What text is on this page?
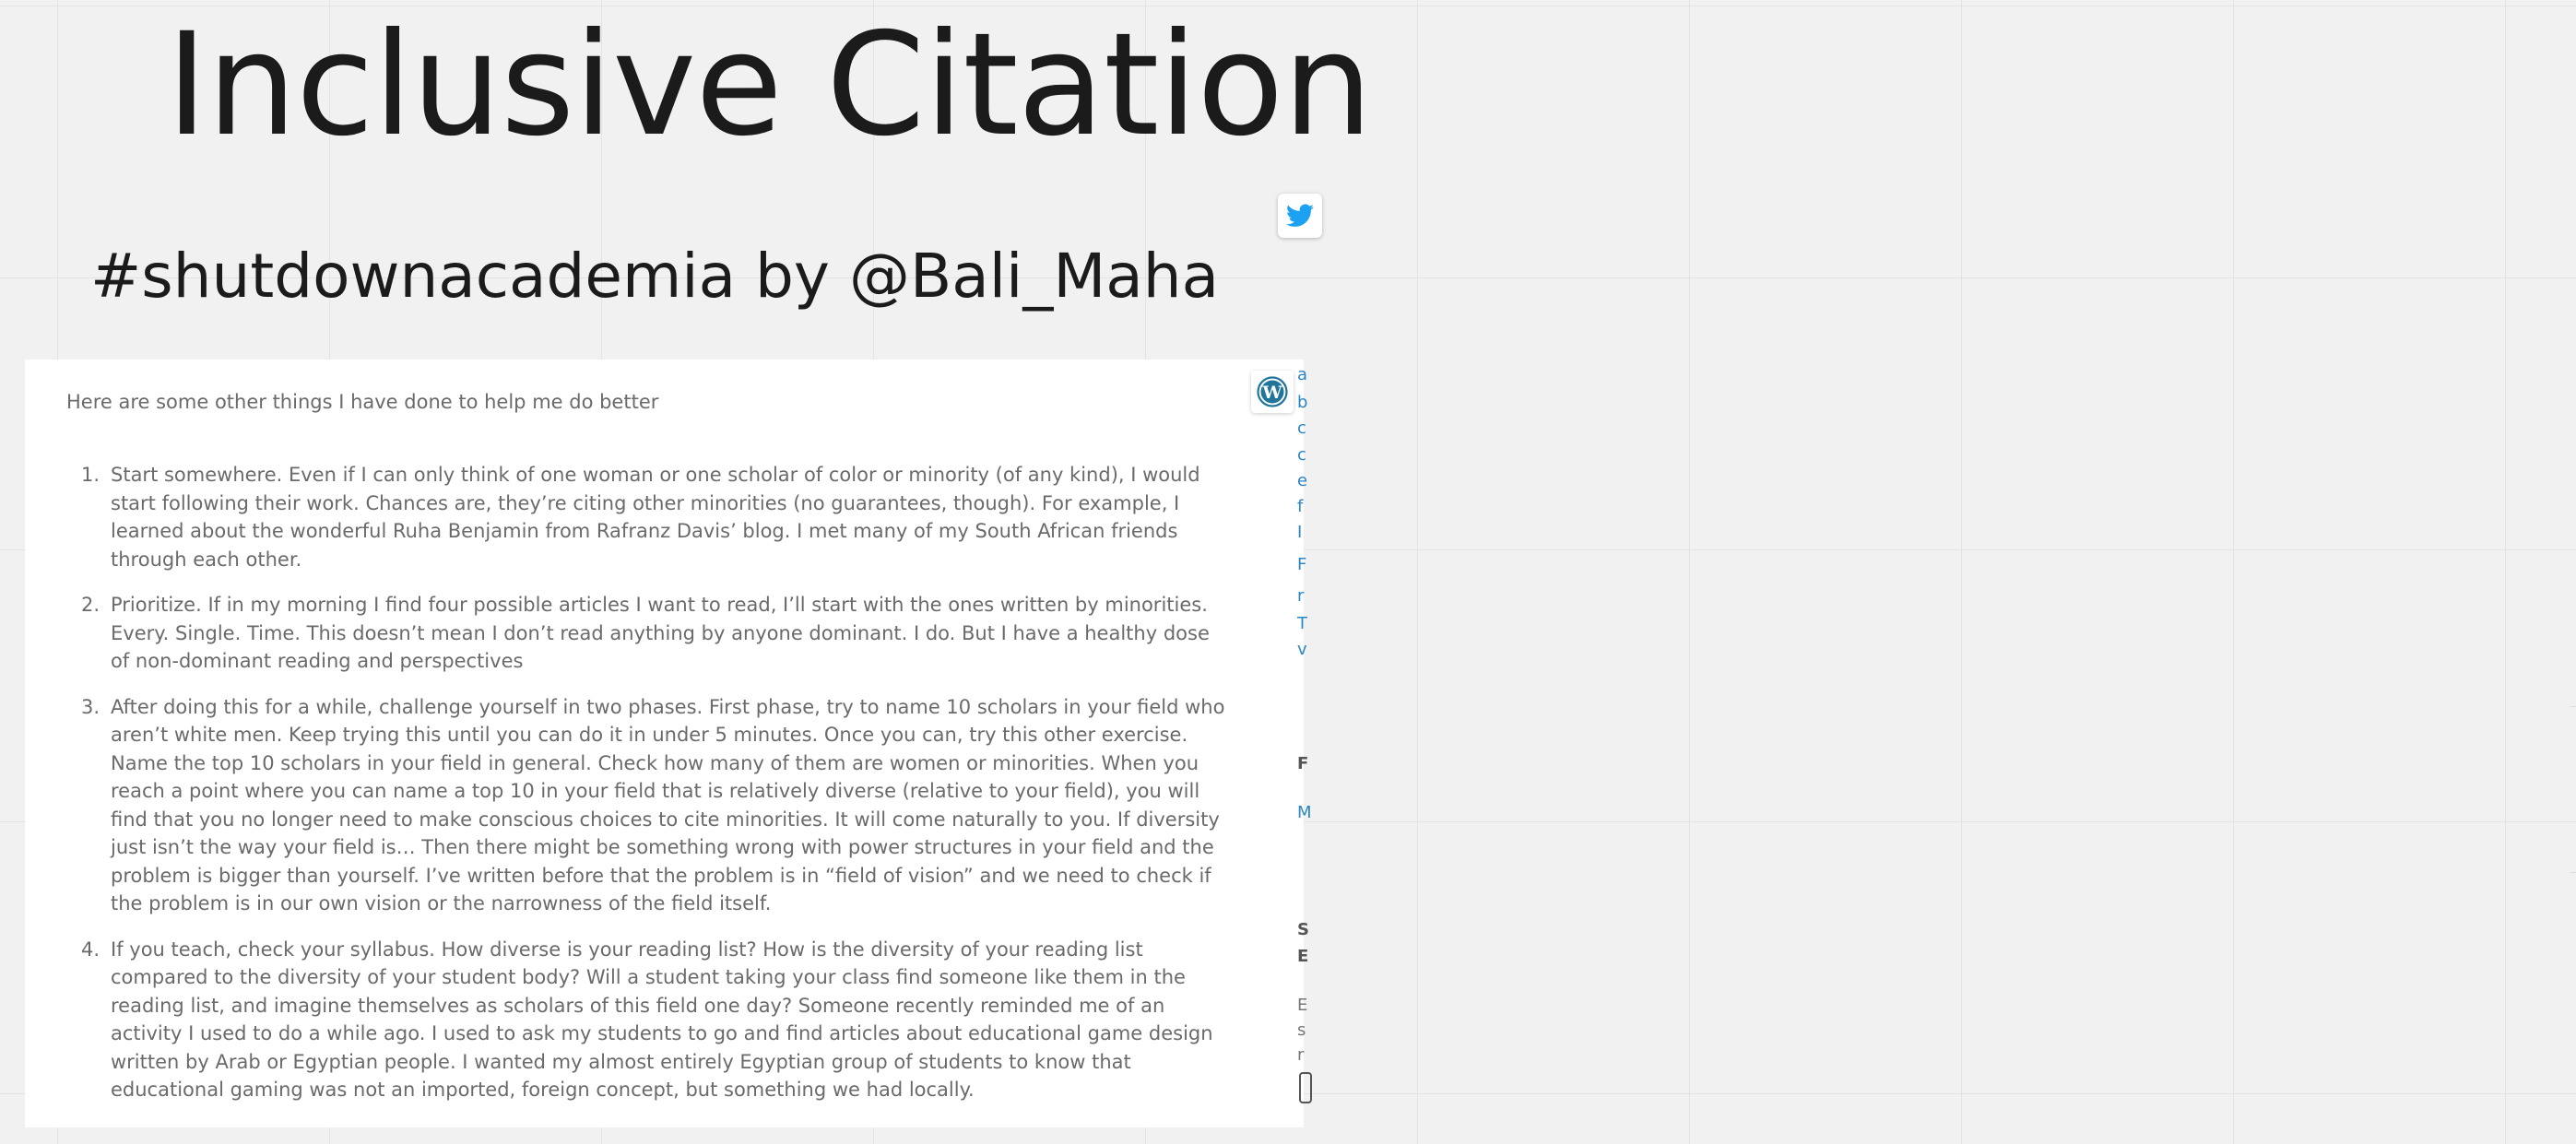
Inclusive Citation
#shutdownacademia by @Bali_Maha
Here are some other things I have done to help me do better
1. Start somewhere. Even if I can only think of one woman or one scholar of color or minority (of any kind), I would start following their work. Chances are, they’re citing other minorities (no guarantees, though). For example, I learned about the wonderful Ruha Benjamin from Rafranz Davis’ blog. I met many of my South African friends through each other.
2. Prioritize. If in my morning I find four possible articles I want to read, I’ll start with the ones written by minorities. Every. Single. Time. This doesn’t mean I don’t read anything by anyone dominant. I do. But I have a healthy dose of non-dominant reading and perspectives
3. After doing this for a while, challenge yourself in two phases. First phase, try to name 10 scholars in your field who aren’t white men. Keep trying this until you can do it in under 5 minutes. Once you can, try this other exercise. Name the top 10 scholars in your field in general. Check how many of them are women or minorities. When you reach a point where you can name a top 10 in your field that is relatively diverse (relative to your field), you will find that you no longer need to make conscious choices to cite minorities. It will come naturally to you. If diversity just isn’t the way your field is… Then there might be something wrong with power structures in your field and the problem is bigger than yourself. I’ve written before that the problem is in “field of vision” and we need to check if the problem is in our own vision or the narrowness of the field itself.
4. If you teach, check your syllabus. How diverse is your reading list? How is the diversity of your reading list compared to the diversity of your student body? Will a student taking your class find someone like them in the reading list, and imagine themselves as scholars of this field one day? Someone recently reminded me of an activity I used to do a while ago. I used to ask my students to go and find articles about educational game design written by Arab or Egyptian people. I wanted my almost entirely Egyptian group of students to know that educational gaming was not an imported, foreign concept, but something we had locally.
W
a
b
c
c
e
f
I
F
r
T
v
F
M
S
E
E
s
r
